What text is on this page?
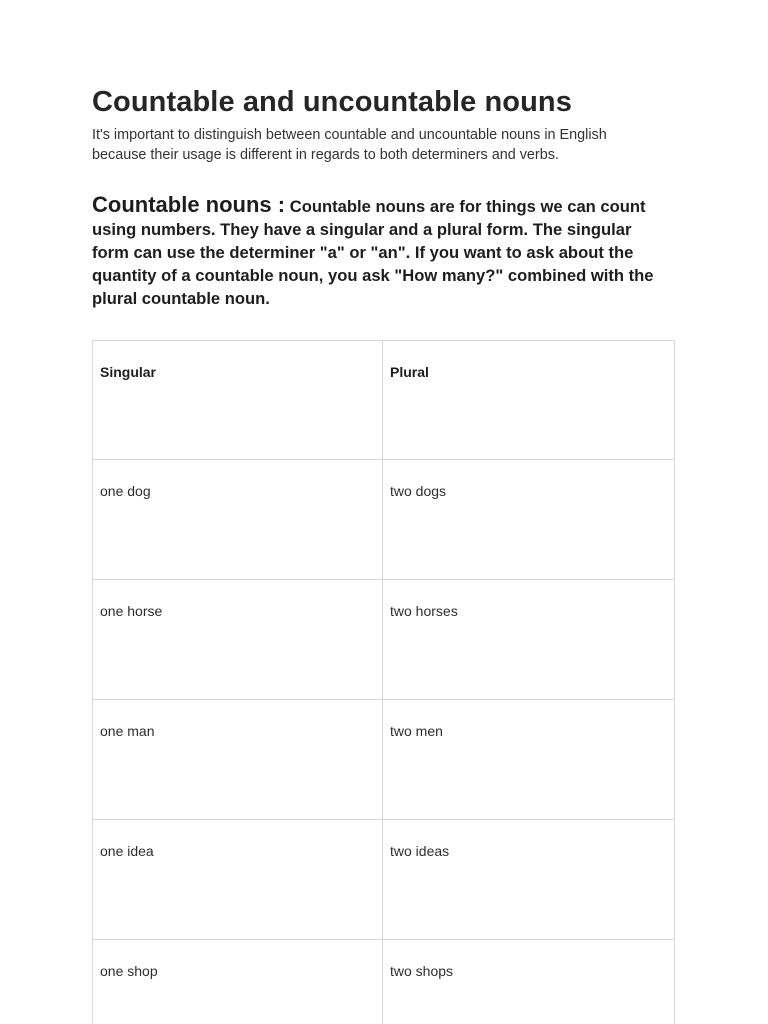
Countable and uncountable nouns

It's important to distinguish between countable and uncountable nouns in English because their usage is different in regards to both determiners and verbs.

Countable nouns : Countable nouns are for things we can count using numbers. They have a singular and a plural form. The singular form can use the determiner "a" or "an". If you want to ask about the quantity of a countable noun, you ask "How many?" combined with the plural countable noun.

Singular	Plural
one dog	two dogs
one horse	two horses
one man	two men
one idea	two ideas
one shop	two shops
